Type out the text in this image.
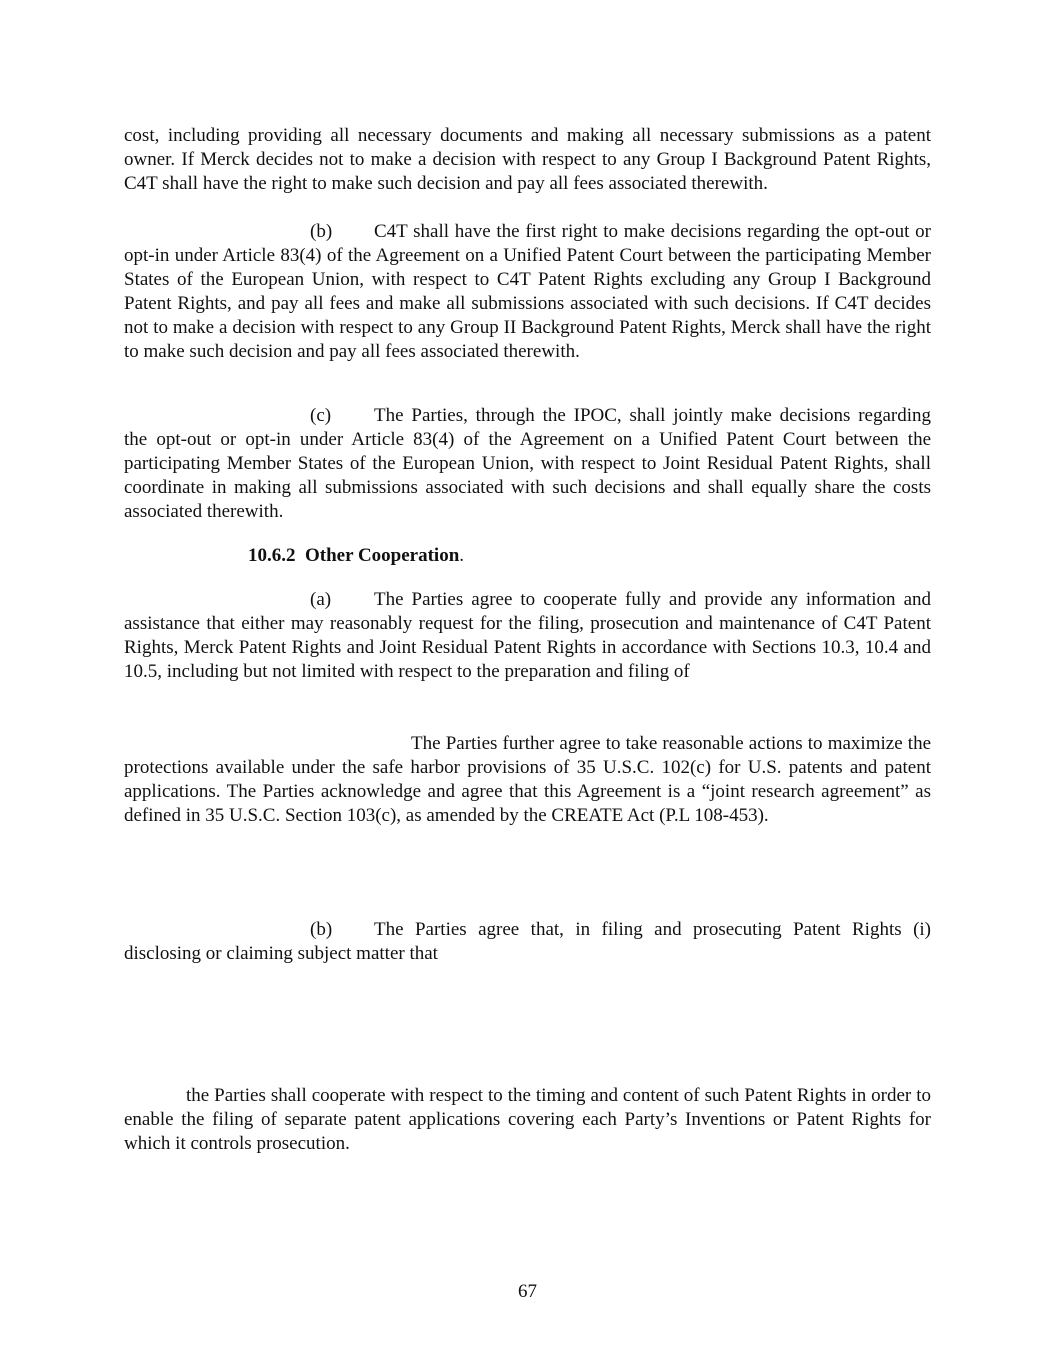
cost, including providing all necessary documents and making all necessary submissions as a patent owner. If Merck decides not to make a decision with respect to any Group I Background Patent Rights, C4T shall have the right to make such decision and pay all fees associated therewith.

(b) C4T shall have the first right to make decisions regarding the opt-out or opt-in under Article 83(4) of the Agreement on a Unified Patent Court between the participating Member States of the European Union, with respect to C4T Patent Rights excluding any Group I Background Patent Rights, and pay all fees and make all submissions associated with such decisions. If C4T decides not to make a decision with respect to any Group II Background Patent Rights, Merck shall have the right to make such decision and pay all fees associated therewith.

(c) The Parties, through the IPOC, shall jointly make decisions regarding the opt-out or opt-in under Article 83(4) of the Agreement on a Unified Patent Court between the participating Member States of the European Union, with respect to Joint Residual Patent Rights, shall coordinate in making all submissions associated with such decisions and shall equally share the costs associated therewith.

10.6.2 Other Cooperation.

(a) The Parties agree to cooperate fully and provide any information and assistance that either may reasonably request for the filing, prosecution and maintenance of C4T Patent Rights, Merck Patent Rights and Joint Residual Patent Rights in accordance with Sections 10.3, 10.4 and 10.5, including but not limited with respect to the preparation and filing of

The Parties further agree to take reasonable actions to maximize the protections available under the safe harbor provisions of 35 U.S.C. 102(c) for U.S. patents and patent applications. The Parties acknowledge and agree that this Agreement is a “joint research agreement” as defined in 35 U.S.C. Section 103(c), as amended by the CREATE Act (P.L 108-453).

(b) The Parties agree that, in filing and prosecuting Patent Rights (i) disclosing or claiming subject matter that

the Parties shall cooperate with respect to the timing and content of such Patent Rights in order to enable the filing of separate patent applications covering each Party’s Inventions or Patent Rights for which it controls prosecution.

67
